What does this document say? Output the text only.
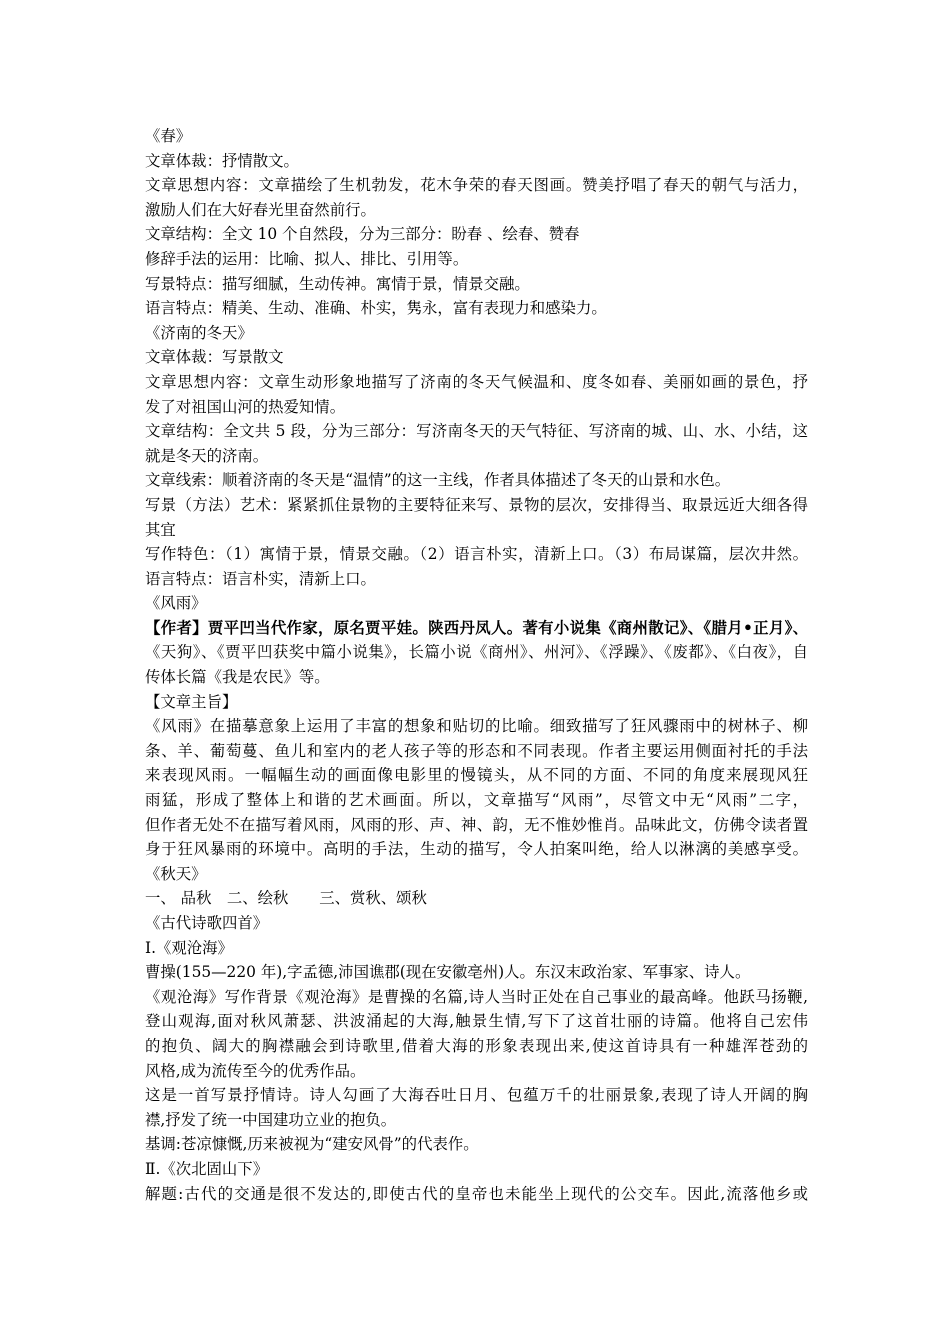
《春》
文章体裁：抒情散文。
文章思想内容：文章描绘了生机勃发，花木争荣的春天图画。赞美抒唱了春天的朝气与活力，
激励人们在大好春光里奋然前行。
文章结构：全文 10 个自然段，分为三部分：盼春 、绘春、赞春
修辞手法的运用：比喻、拟人、排比、引用等。
写景特点：描写细腻，生动传神。寓情于景，情景交融。
语言特点：精美、生动、准确、朴实，隽永，富有表现力和感染力。
《济南的冬天》
文章体裁：写景散文
文章思想内容：文章生动形象地描写了济南的冬天气候温和、度冬如春、美丽如画的景色，抒
发了对祖国山河的热爱知情。
文章结构：全文共 5 段，分为三部分：写济南冬天的天气特征、写济南的城、山、水、小结，这
就是冬天的济南。
文章线索：顺着济南的冬天是“温情”的这一主线，作者具体描述了冬天的山景和水色。
写景（方法）艺术：紧紧抓住景物的主要特征来写、景物的层次，安排得当、取景远近大细各得
其宜
写作特色：（1）寓情于景，情景交融。（2）语言朴实，清新上口。（3）布局谋篇，层次井然。
语言特点：语言朴实，清新上口。
《风雨》
【作者】贾平凹当代作家，原名贾平娃。陕西丹凤人。著有小说集《商州散记》、《腊月•正月》、
《天狗》、《贾平凹获奖中篇小说集》，长篇小说《商州》、州河》、《浮躁》、《废都》、《白夜》，自
传体长篇《我是农民》等。
【文章主旨】
《风雨》在描摹意象上运用了丰富的想象和贴切的比喻。细致描写了狂风骤雨中的树林子、柳
条、羊、葡萄蔓、鱼儿和室内的老人孩子等的形态和不同表现。作者主要运用侧面衬托的手法
来表现风雨。一幅幅生动的画面像电影里的慢镜头，从不同的方面、不同的角度来展现风狂
雨猛，形成了整体上和谐的艺术画面。所以，文章描写“风雨”，尽管文中无“风雨”二字，
但作者无处不在描写着风雨，风雨的形、声、神、韵，无不惟妙惟肖。品味此文，仿佛令读者置
身于狂风暴雨的环境中。高明的手法，生动的描写，令人拍案叫绝，给人以淋漓的美感享受。
《秋天》
一、 品秋　二、绘秋　　三、赏秋、颂秋
《古代诗歌四首》
Ⅰ.《观沧海》
曹操(155—220 年),字孟德,沛国谯郡(现在安徽亳州)人。东汉末政治家、军事家、诗人。
《观沧海》写作背景《观沧海》是曹操的名篇,诗人当时正处在自己事业的最高峰。他跃马扬鞭,
登山观海,面对秋风萧瑟、洪波涌起的大海,触景生情,写下了这首壮丽的诗篇。他将自己宏伟
的抱负、阔大的胸襟融会到诗歌里,借着大海的形象表现出来,使这首诗具有一种雄浑苍劲的
风格,成为流传至今的优秀作品。
这是一首写景抒情诗。诗人勾画了大海吞吐日月、包蕴万千的壮丽景象,表现了诗人开阔的胸
襟,抒发了统一中国建功立业的抱负。
基调:苍凉慷慨,历来被视为“建安风骨”的代表作。
Ⅱ.《次北固山下》
解题:古代的交通是很不发达的,即使古代的皇帝也未能坐上现代的公交车。因此,流落他乡或
